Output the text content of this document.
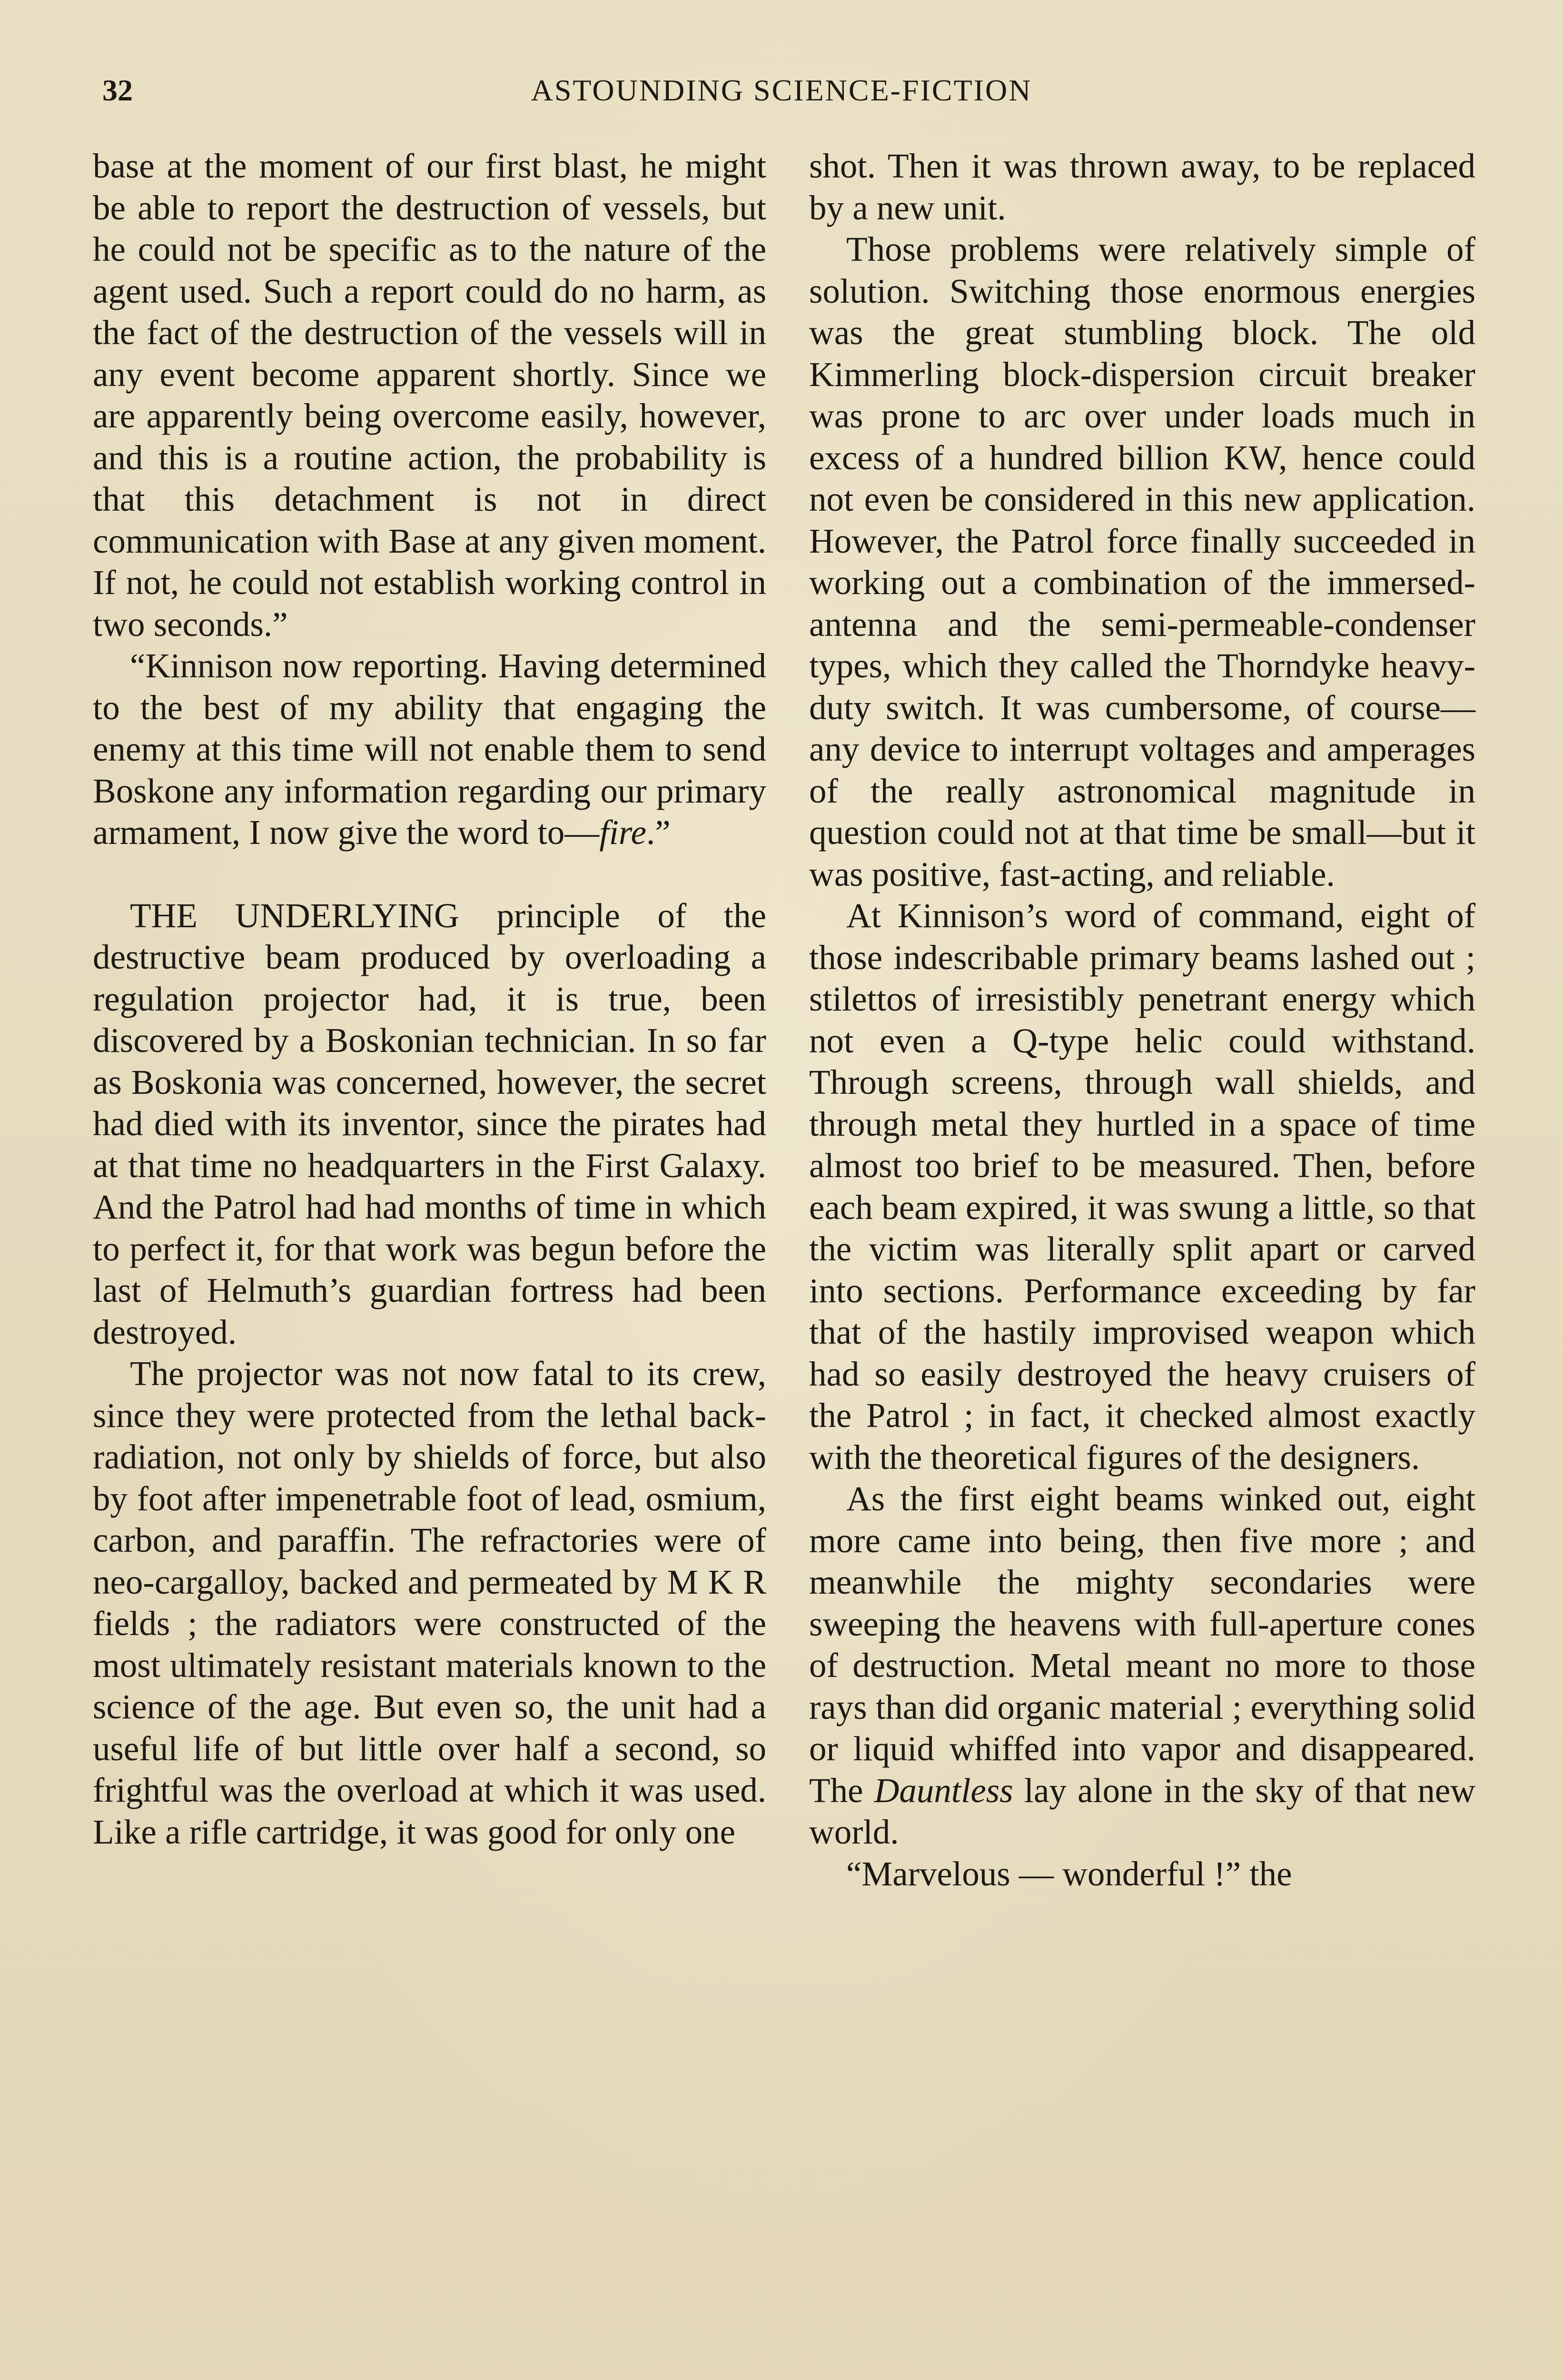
32	ASTOUNDING SCIENCE-FICTION

base at the moment of our first blast, he might be able to report the destruction of vessels, but he could not be specific as to the nature of the agent used. Such a report could do no harm, as the fact of the destruction of the vessels will in any event become apparent shortly. Since we are apparently being overcome easily, however, and this is a routine action, the probability is that this detachment is not in direct communication with Base at any given moment. If not, he could not establish working control in two seconds.”

“Kinnison now reporting. Having determined to the best of my ability that engaging the enemy at this time will not enable them to send Boskone any information regarding our primary armament, I now give the word to—fire.”

THE UNDERLYING principle of the destructive beam produced by overloading a regulation projector had, it is true, been discovered by a Boskonian technician. In so far as Boskonia was concerned, however, the secret had died with its inventor, since the pirates had at that time no headquarters in the First Galaxy. And the Patrol had had months of time in which to perfect it, for that work was begun before the last of Helmuth’s guardian fortress had been destroyed.

The projector was not now fatal to its crew, since they were protected from the lethal back-radiation, not only by shields of force, but also by foot after impenetrable foot of lead, osmium, carbon, and paraffin. The refractories were of neo-cargalloy, backed and permeated by M K R fields ; the radiators were constructed of the most ultimately resistant materials known to the science of the age. But even so, the unit had a useful life of but little over half a second, so frightful was the overload at which it was used. Like a rifle cartridge, it was good for only one

shot. Then it was thrown away, to be replaced by a new unit.

Those problems were relatively simple of solution. Switching those enormous energies was the great stumbling block. The old Kimmerling block-dispersion circuit breaker was prone to arc over under loads much in excess of a hundred billion KW, hence could not even be considered in this new application. However, the Patrol force finally succeeded in working out a combination of the immersed-antenna and the semi-permeable-condenser types, which they called the Thorndyke heavy-duty switch. It was cumbersome, of course—any device to interrupt voltages and amperages of the really astronomical magnitude in question could not at that time be small—but it was positive, fast-acting, and reliable.

At Kinnison’s word of command, eight of those indescribable primary beams lashed out ; stilettos of irresistibly penetrant energy which not even a Q-type helic could withstand. Through screens, through wall shields, and through metal they hurtled in a space of time almost too brief to be measured. Then, before each beam expired, it was swung a little, so that the victim was literally split apart or carved into sections. Performance exceeding by far that of the hastily improvised weapon which had so easily destroyed the heavy cruisers of the Patrol ; in fact, it checked almost exactly with the theoretical figures of the designers.

As the first eight beams winked out, eight more came into being, then five more ; and meanwhile the mighty secondaries were sweeping the heavens with full-aperture cones of destruction. Metal meant no more to those rays than did organic material ; everything solid or liquid whiffed into vapor and disappeared. The Dauntless lay alone in the sky of that new world.

“Marvelous — wonderful !” the
